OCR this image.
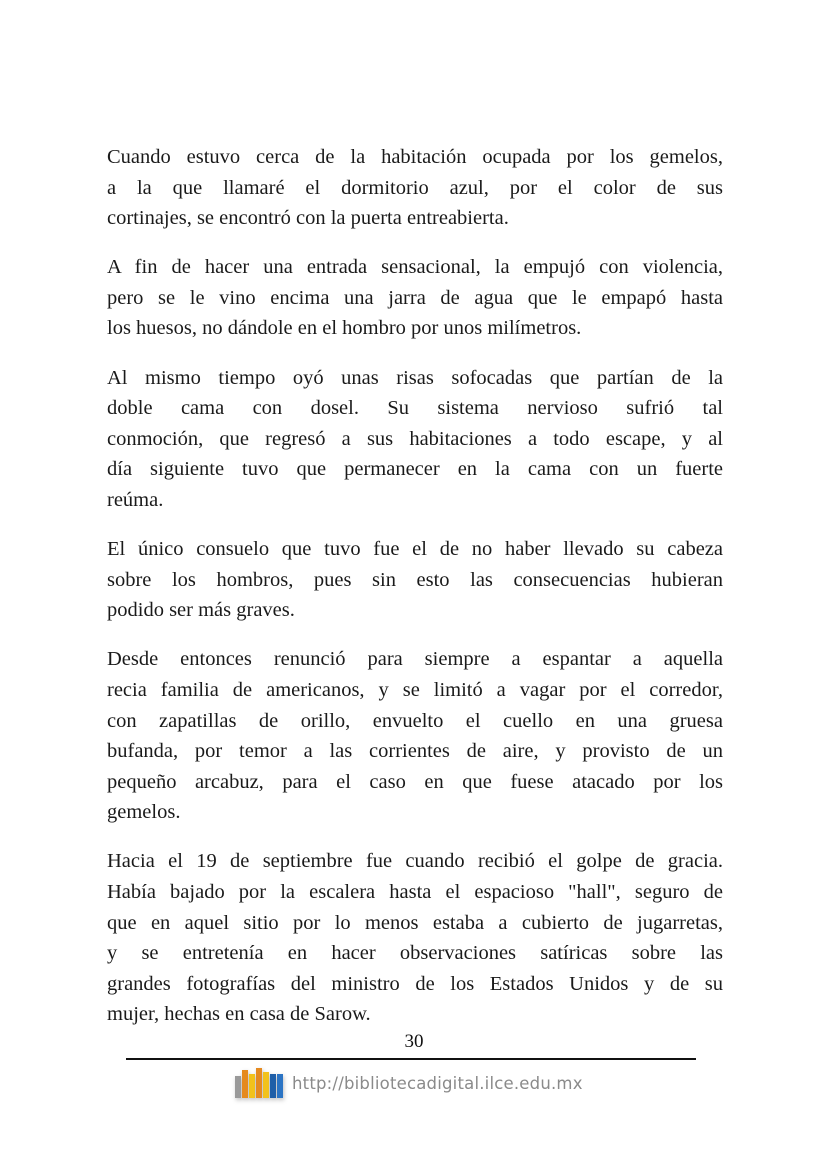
Cuando estuvo cerca de la habitación ocupada por los gemelos,
a la que llamaré el dormitorio azul, por el color de sus
cortinajes, se encontró con la puerta entreabierta.

A fin de hacer una entrada sensacional, la empujó con violencia,
pero se le vino encima una jarra de agua que le empapó hasta
los huesos, no dándole en el hombro por unos milímetros.

Al mismo tiempo oyó unas risas sofocadas que partían de la
doble cama con dosel. Su sistema nervioso sufrió tal
conmoción, que regresó a sus habitaciones a todo escape, y al
día siguiente tuvo que permanecer en la cama con un fuerte
reúma.

El único consuelo que tuvo fue el de no haber llevado su cabeza
sobre los hombros, pues sin esto las consecuencias hubieran
podido ser más graves.

Desde entonces renunció para siempre a espantar a aquella
recia familia de americanos, y se limitó a vagar por el corredor,
con zapatillas de orillo, envuelto el cuello en una gruesa
bufanda, por temor a las corrientes de aire, y provisto de un
pequeño arcabuz, para el caso en que fuese atacado por los
gemelos.

Hacia el 19 de septiembre fue cuando recibió el golpe de gracia.
Había bajado por la escalera hasta el espacioso "hall", seguro de
que en aquel sitio por lo menos estaba a cubierto de jugarretas,
y se entretenía en hacer observaciones satíricas sobre las
grandes fotografías del ministro de los Estados Unidos y de su
mujer, hechas en casa de Sarow.

30
http://bibliotecadigital.ilce.edu.mx
